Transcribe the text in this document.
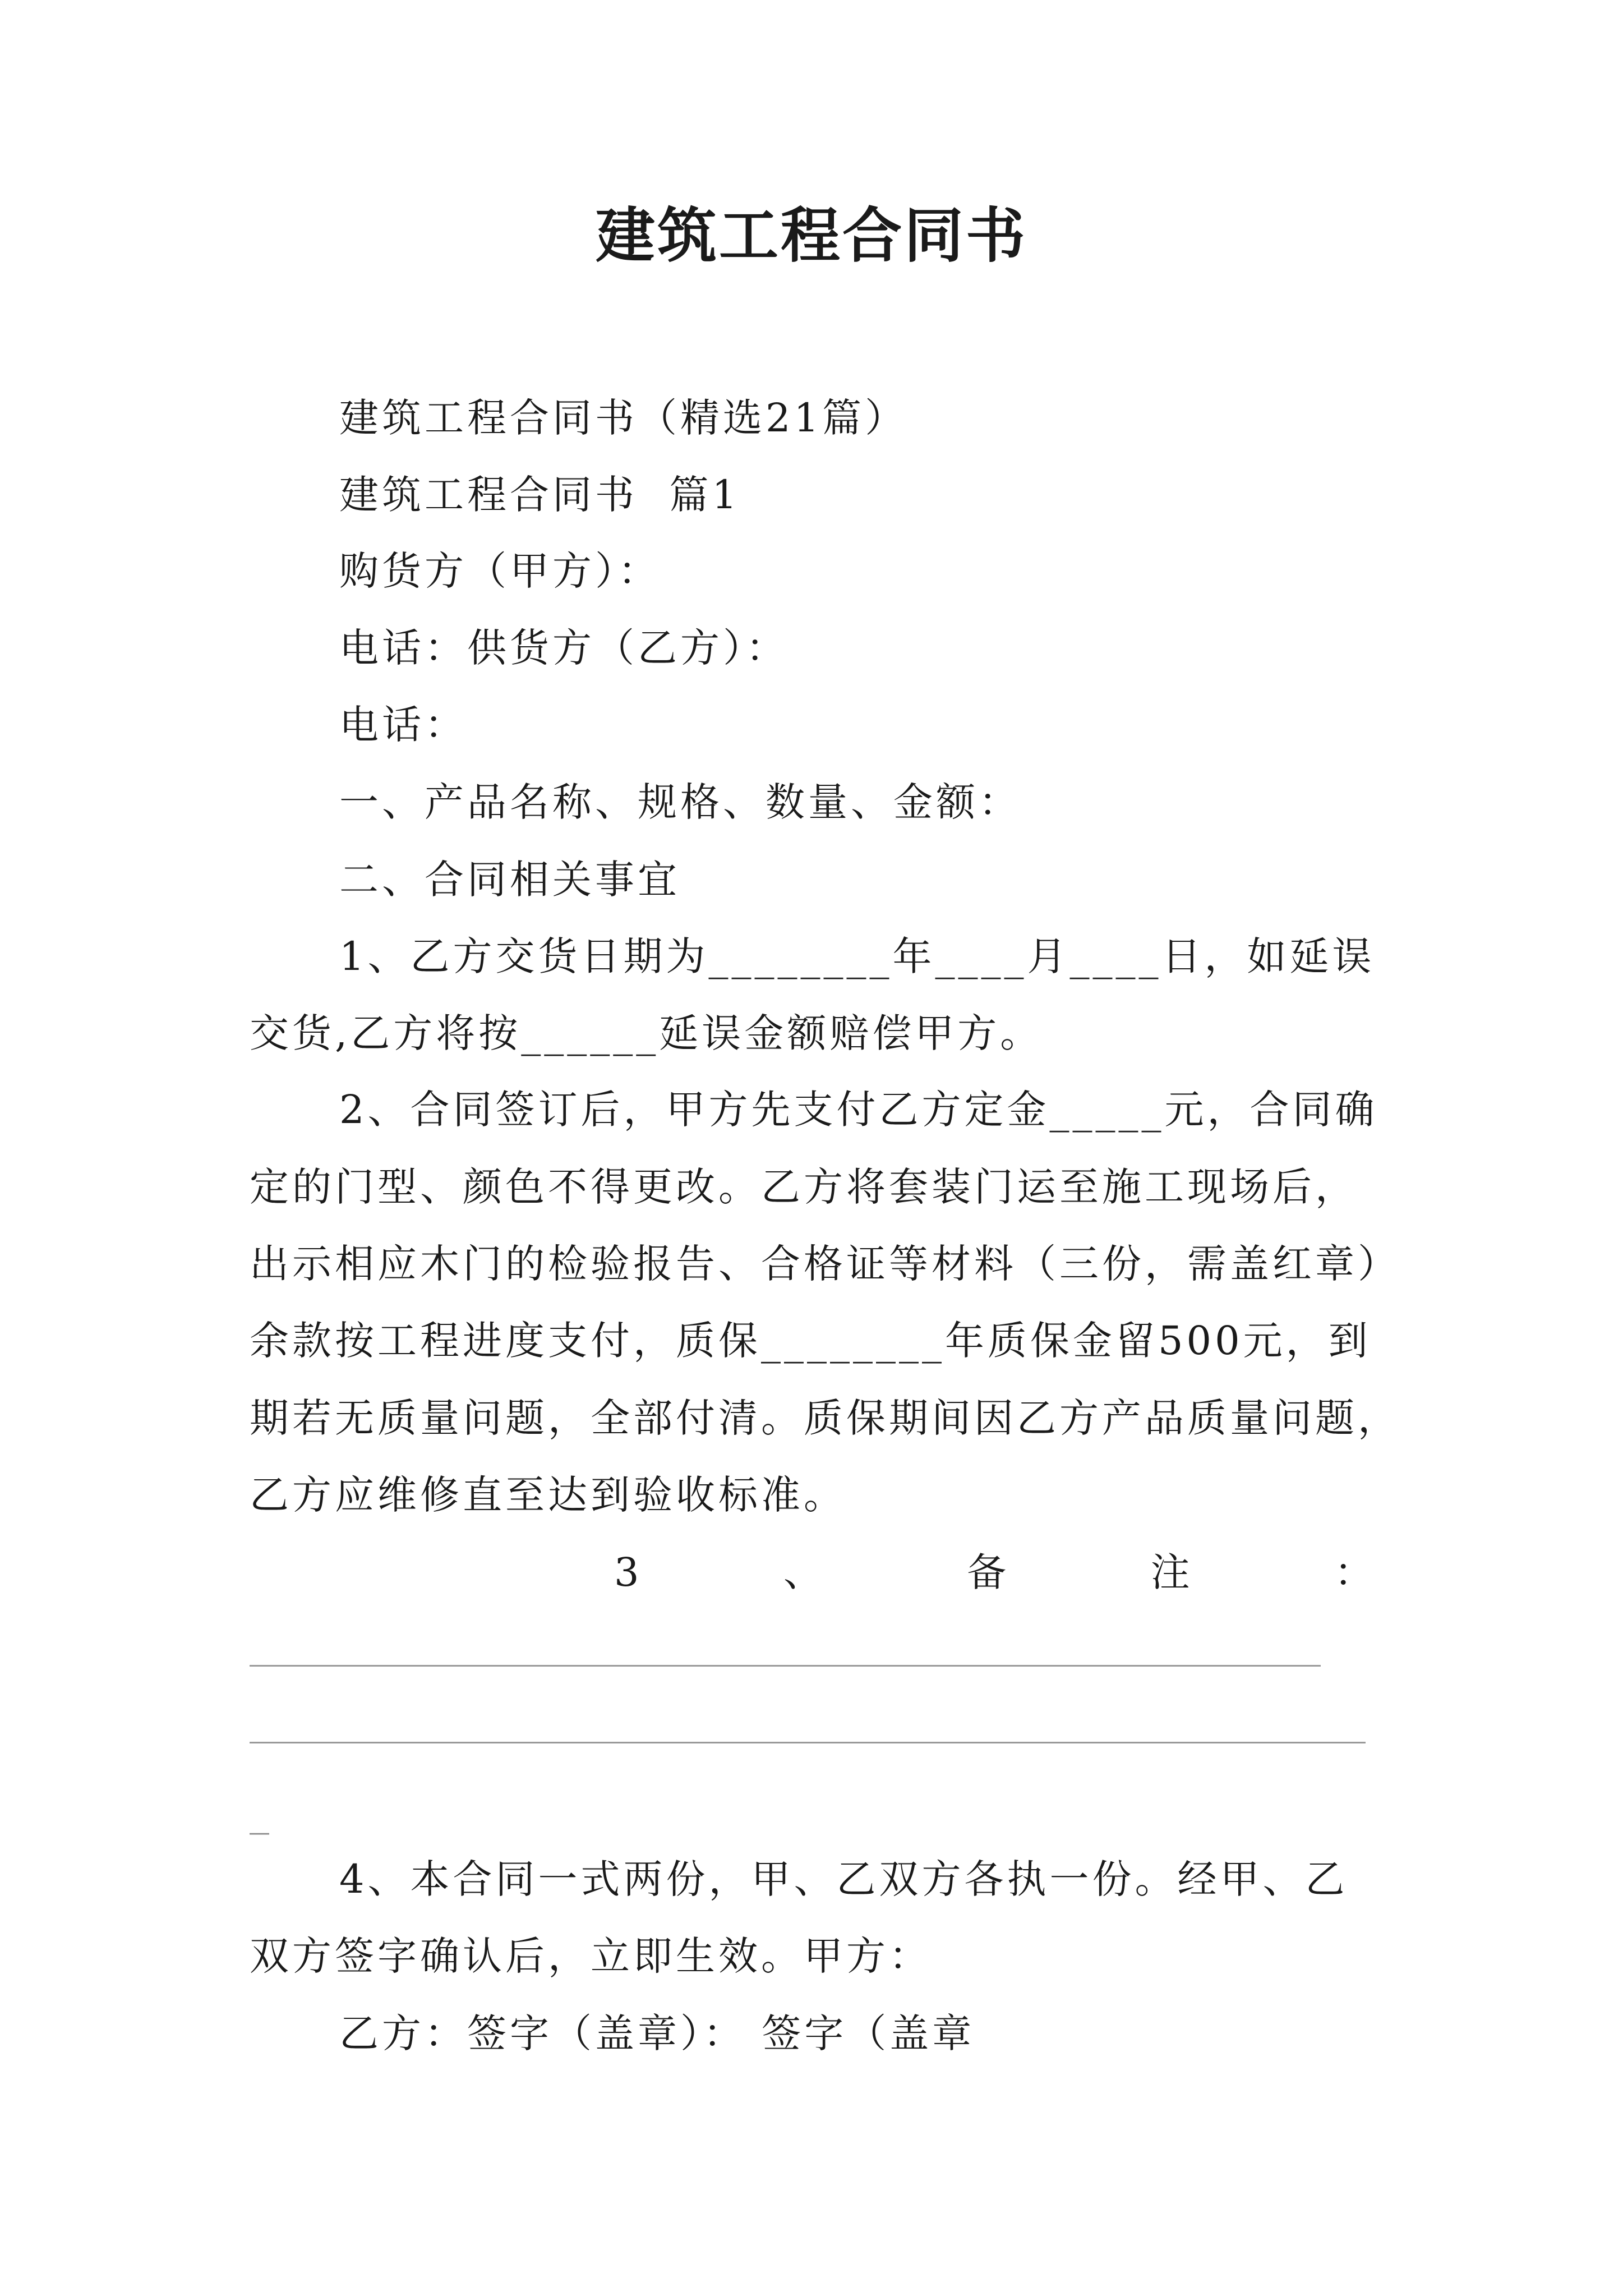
建筑工程合同书
建筑工程合同书（精选21篇）
建筑工程合同书  篇1
购货方（甲方）：
电话：供货方（乙方）：
电话：
一、产品名称、规格、数量、金额：
二、合同相关事宜
1、乙方交货日期为________年____月____日，如延误
交货,乙方将按______延误金额赔偿甲方。
2、合同签订后，甲方先支付乙方定金_____元，合同确
定的门型、颜色不得更改。乙方将套装门运至施工现场后，
出示相应木门的检验报告、合格证等材料（三份，需盖红章）
余款按工程进度支付，质保________年质保金留500元，到
期若无质量问题，全部付清。质保期间因乙方产品质量问题，
乙方应维修直至达到验收标准。
3	、	备	注	：
_
4、本合同一式两份，甲、乙双方各执一份。经甲、乙
双方签字确认后，立即生效。甲方：
乙方：签字（盖章）： 签字（盖章
